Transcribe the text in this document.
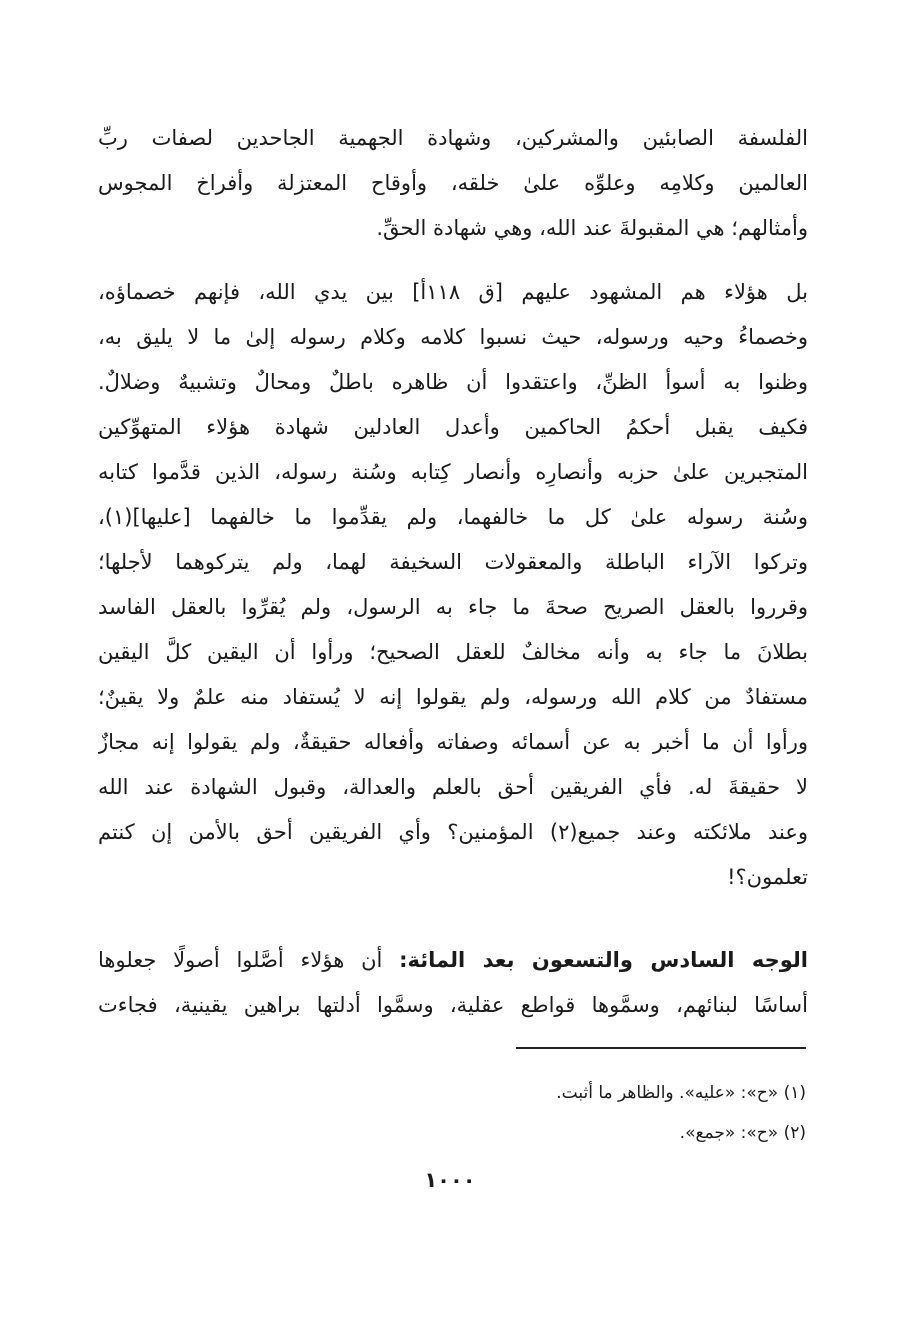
الفلسفة الصابئين والمشركين، وشهادة الجهمية الجاحدين لصفات ربِّ
العالمين وكلامِه وعلوِّه علىٰ خلقه، وأوقاح المعتزلة وأفراخ المجوس
وأمثالهم؛ هي المقبولةَ عند الله، وهي شهادة الحقِّ.
بل هؤلاء هم المشهود عليهم [ق ١١٨أ] بين يدي الله، فإنهم خصماؤه،
وخصماءُ وحيه ورسوله، حيث نسبوا كلامه وكلام رسوله إلىٰ ما لا يليق به،
وظنوا به أسوأ الظنِّ، واعتقدوا أن ظاهره باطلٌ ومحالٌ وتشبيهٌ وضلالٌ.
فكيف يقبل أحكمُ الحاكمين وأعدل العادلين شهادة هؤلاء المتهوِّكين
المتجبرين علىٰ حزبه وأنصارِه وأنصار كِتابه وسُنة رسوله، الذين قدَّموا كتابه
وسُنة رسوله علىٰ كل ما خالفهما، ولم يقدِّموا ما خالفهما [عليها](١)،
وتركوا الآراء الباطلة والمعقولات السخيفة لهما، ولم يتركوهما لأجلها؛
وقرروا بالعقل الصريح صحةَ ما جاء به الرسول، ولم يُقرِّوا بالعقل الفاسد
بطلانَ ما جاء به وأنه مخالفٌ للعقل الصحيح؛ ورأوا أن اليقين كلَّ اليقين
مستفادٌ من كلام الله ورسوله، ولم يقولوا إنه لا يُستفاد منه علمٌ ولا يقينٌ؛
ورأوا أن ما أخبر به عن أسمائه وصفاته وأفعاله حقيقةٌ، ولم يقولوا إنه مجازٌ
لا حقيقةَ له. فأي الفريقين أحق بالعلم والعدالة، وقبول الشهادة عند الله
وعند ملائكته وعند جميع(٢) المؤمنين؟ وأي الفريقين أحق بالأمن إن كنتم
تعلمون؟!
الوجه السادس والتسعون بعد المائة: أن هؤلاء أصَّلوا أصولًا جعلوها
أساسًا لبنائهم، وسمَّوها قواطع عقلية، وسمَّوا أدلتها براهين يقينية، فجاءت
(١) «ح»: «عليه». والظاهر ما أثبت.
(٢) «ح»: «جمع».
١٠٠٠
